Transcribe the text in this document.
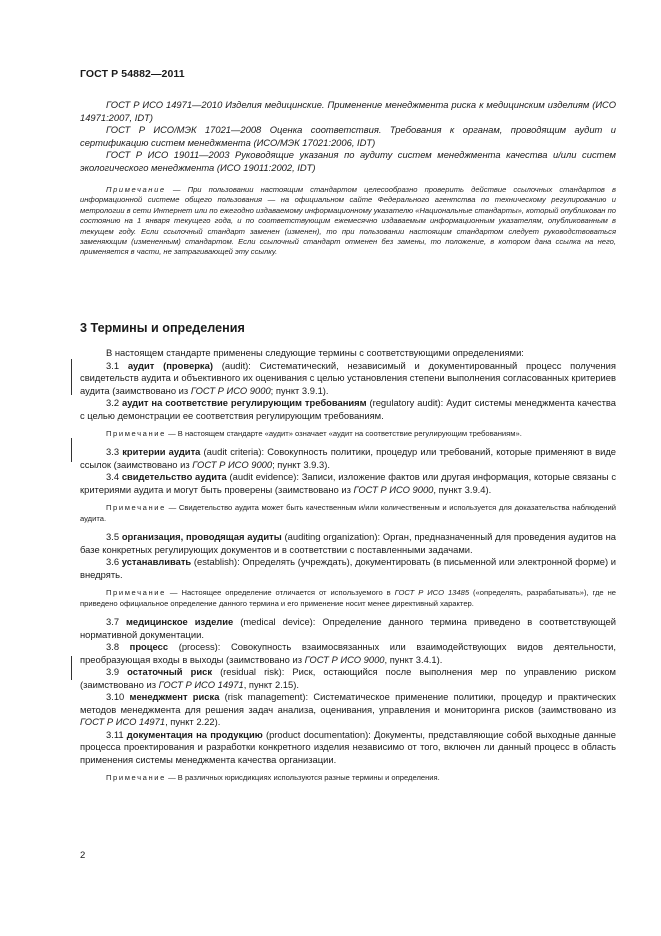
ГОСТ Р 54882—2011

ГОСТ Р ИСО 14971—2010 Изделия медицинские. Применение менеджмента риска к медицинским изделиям (ИСО 14971:2007, IDT)

ГОСТ Р ИСО/МЭК 17021—2008 Оценка соответствия. Требования к органам, проводящим аудит и сертификацию систем менеджмента (ИСО/МЭК 17021:2006, IDT)

ГОСТ Р ИСО 19011—2003 Руководящие указания по аудиту систем менеджмента качества и/или систем экологического менеджмента (ИСО 19011:2002, IDT)

Примечание — При пользовании настоящим стандартом целесообразно проверить действие ссылочных стандартов в информационной системе общего пользования — на официальном сайте Федерального агентства по техническому регулированию и метрологии в сети Интернет или по ежегодно издаваемому информационному указателю «Национальные стандарты», который опубликован по состоянию на 1 января текущего года, и по соответствующим ежемесячно издаваемым информационным указателям, опубликованным в текущем году. Если ссылочный стандарт заменен (изменен), то при пользовании настоящим стандартом следует руководствоваться заменяющим (измененным) стандартом. Если ссылочный стандарт отменен без замены, то положение, в котором дана ссылка на него, применяется в части, не затрагивающей эту ссылку.

3 Термины и определения

В настоящем стандарте применены следующие термины с соответствующими определениями:

3.1 аудит (проверка) (audit): Систематический, независимый и документированный процесс получения свидетельств аудита и объективного их оценивания с целью установления степени выполнения согласованных критериев аудита (заимствовано из ГОСТ Р ИСО 9000; пункт 3.9.1).

3.2 аудит на соответствие регулирующим требованиям (regulatory audit): Аудит системы менеджмента качества с целью демонстрации ее соответствия регулирующим требованиям.

Примечание — В настоящем стандарте «аудит» означает «аудит на соответствие регулирующим требованиям».

3.3 критерии аудита (audit criteria): Совокупность политики, процедур или требований, которые применяют в виде ссылок (заимствовано из ГОСТ Р ИСО 9000; пункт 3.9.3).

3.4 свидетельство аудита (audit evidence): Записи, изложение фактов или другая информация, которые связаны с критериями аудита и могут быть проверены (заимствовано из ГОСТ Р ИСО 9000, пункт 3.9.4).

Примечание — Свидетельство аудита может быть качественным и/или количественным и используется для доказательства наблюдений аудита.

3.5 организация, проводящая аудиты (auditing organization): Орган, предназначенный для проведения аудитов на базе конкретных регулирующих документов и в соответствии с поставленными задачами.

3.6 устанавливать (establish): Определять (учреждать), документировать (в письменной или электронной форме) и внедрять.

Примечание — Настоящее определение отличается от используемого в ГОСТ Р ИСО 13485 («определять, разрабатывать»), где не приведено официальное определение данного термина и его применение носит менее директивный характер.

3.7 медицинское изделие (medical device): Определение данного термина приведено в соответствующей нормативной документации.

3.8 процесс (process): Совокупность взаимосвязанных или взаимодействующих видов деятельности, преобразующая входы в выходы (заимствовано из ГОСТ Р ИСО 9000, пункт 3.4.1).

3.9 остаточный риск (residual risk): Риск, остающийся после выполнения мер по управлению риском (заимствовано из ГОСТ Р ИСО 14971, пункт 2.15).

3.10 менеджмент риска (risk management): Систематическое применение политики, процедур и практических методов менеджмента для решения задач анализа, оценивания, управления и мониторинга рисков (заимствовано из ГОСТ Р ИСО 14971, пункт 2.22).

3.11 документация на продукцию (product documentation): Документы, представляющие собой выходные данные процесса проектирования и разработки конкретного изделия независимо от того, включен ли данный процесс в область применения системы менеджмента качества организации.

Примечание — В различных юрисдикциях используются разные термины и определения.

2
